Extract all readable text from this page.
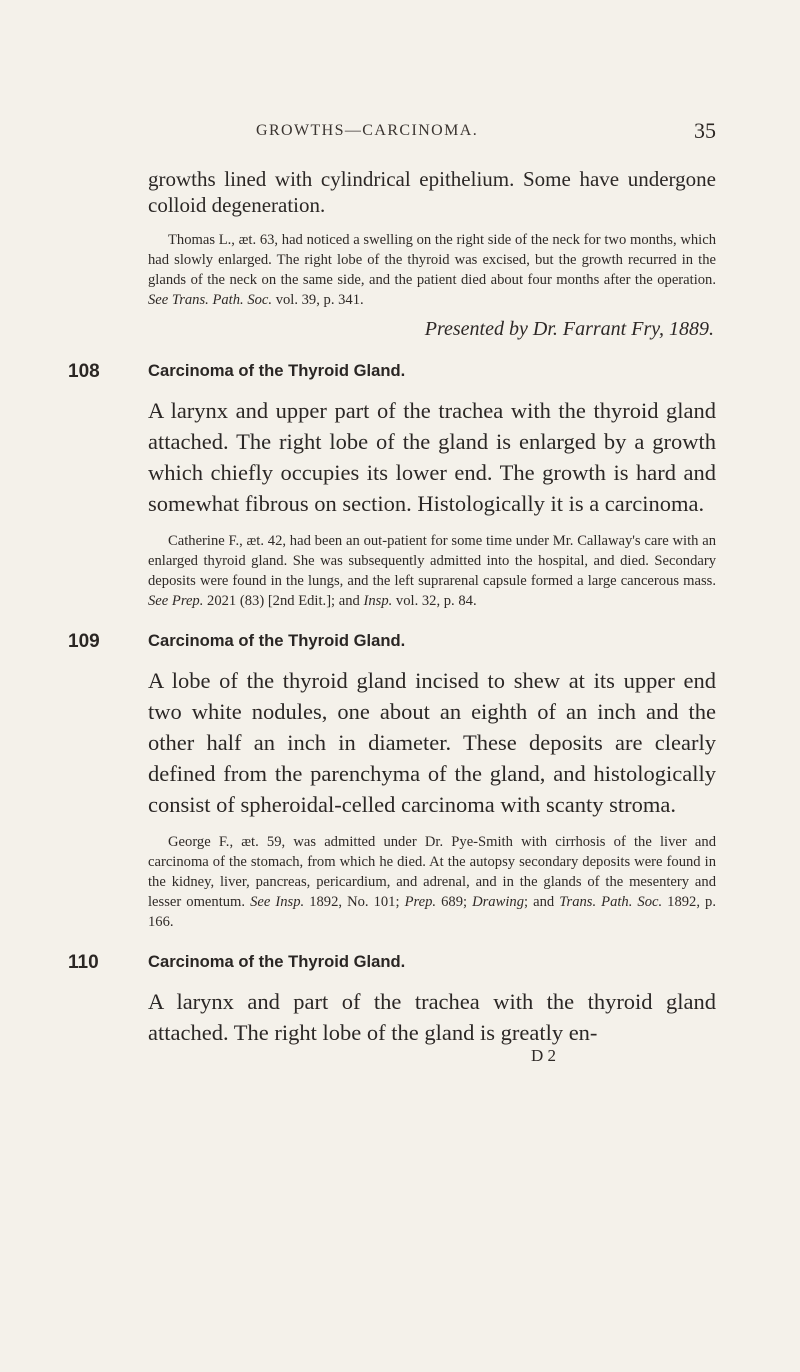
GROWTHS—CARCINOMA.	35

growths lined with cylindrical epithelium. Some have undergone colloid degeneration.

Thomas L., æt. 63, had noticed a swelling on the right side of the neck for two months, which had slowly enlarged. The right lobe of the thyroid was excised, but the growth recurred in the glands of the neck on the same side, and the patient died about four months after the operation. See Trans. Path. Soc. vol. 39, p. 341.

Presented by Dr. Farrant Fry, 1889.

108	Carcinoma of the Thyroid Gland.

A larynx and upper part of the trachea with the thyroid gland attached. The right lobe of the gland is enlarged by a growth which chiefly occupies its lower end. The growth is hard and somewhat fibrous on section. Histologically it is a carcinoma.

Catherine F., æt. 42, had been an out-patient for some time under Mr. Callaway's care with an enlarged thyroid gland. She was subsequently admitted into the hospital, and died. Secondary deposits were found in the lungs, and the left suprarenal capsule formed a large cancerous mass. See Prep. 2021 (83) [2nd Edit.]; and Insp. vol. 32, p. 84.

109	Carcinoma of the Thyroid Gland.

A lobe of the thyroid gland incised to shew at its upper end two white nodules, one about an eighth of an inch and the other half an inch in diameter. These deposits are clearly defined from the parenchyma of the gland, and histologically consist of spheroidal-celled carcinoma with scanty stroma.

George F., æt. 59, was admitted under Dr. Pye-Smith with cirrhosis of the liver and carcinoma of the stomach, from which he died. At the autopsy secondary deposits were found in the kidney, liver, pancreas, pericardium, and adrenal, and in the glands of the mesentery and lesser omentum. See Insp. 1892, No. 101; Prep. 689; Drawing; and Trans. Path. Soc. 1892, p. 166.

110	Carcinoma of the Thyroid Gland.

A larynx and part of the trachea with the thyroid gland attached. The right lobe of the gland is greatly en-

D 2
